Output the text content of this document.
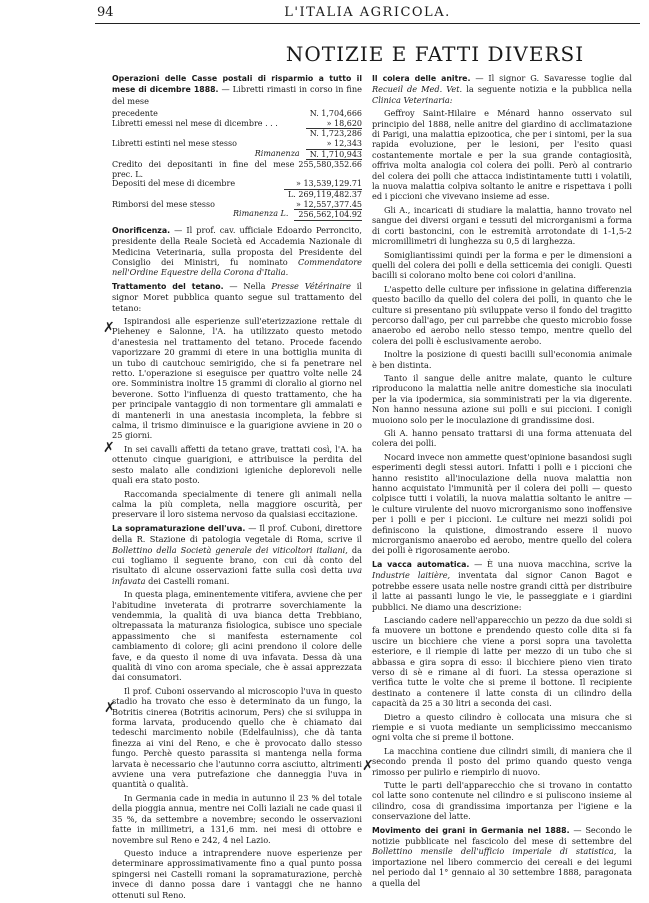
94	L'ITALIA AGRICOLA.
NOTIZIE E FATTI DIVERSI
✗
✗
✗
✗

Operazioni delle Casse postali di risparmio a tutto il mese di dicembre 1888. — Libretti rimasti in corso in fine del mese

precedente	N. 1,704,666
Libretti emessi nel mese di dicembre . . .	» 18,620
N. 1,723,286
Libretti estinti nel mese stesso	» 12,343
Rimanenza	N. 1,710,943
Credito dei depositanti in fine del mese prec. L.
255,580,352.66
Depositi del mese di dicembre	» 13,539,129.71
L. 269,119,482.37
Rimborsi del mese stesso	» 12,557,377.45
Rimanenza L.	256,562,104.92

Onorificenza. — Il prof. cav. ufficiale Edoardo Perroncito, presidente della Reale Società ed Accademia Nazionale di Medicina Veterinaria, sulla proposta del Presidente del Consiglio dei Ministri, fu nominato Commendatore nell'Ordine Equestre della Corona d'Italia.

Trattamento del tetano. — Nella Presse Vétérinaire il signor Moret pubblica quanto segue sul trattamento del tetano:

Ispirandosi alle esperienze sull'eterizzazione rettale di Pieheney e Salonne, l'A. ha utilizzato questo metodo d'anestesia nel trattamento del tetano. Procede facendo vaporizzare 20 grammi di etere in una bottiglia munita di un tubo di cautchouc semirigido, che si fa penetrare nel retto. L'operazione si eseguisce per quattro volte nelle 24 ore. Somministra inoltre 15 grammi di cloralio al giorno nel beverone. Sotto l'influenza di questo trattamento, che ha per principale vantaggio di non tormentare gli ammalati e di mantenerli in una anestasia incompleta, la febbre si calma, il trismo diminuisce e la guarigione avviene in 20 o 25 giorni.

In sei cavalli affetti da tetano grave, trattati così, l'A. ha ottenuto cinque guarigioni, e attribuisce la perdita del sesto malato alle condizioni igieniche deplorevoli nelle quali era stato posto.

Raccomanda specialmente di tenere gli animali nella calma la più completa, nella maggiore oscurità, per preservare il loro sistema nervoso da qualsiasi eccitazione.

La sopramaturazione dell'uva. — Il prof. Cuboni, direttore della R. Stazione di patologia vegetale di Roma, scrive il Bollettino della Società generale dei viticoltori italiani, da cui togliamo il seguente brano, con cui dà conto del risultato di alcune osservazioni fatte sulla così detta uva infavata dei Castelli romani.

In questa plaga, eminentemente vitifera, avviene che per l'abitudine inveterata di protrarre soverchiamente la vendemmia, la qualità di uva bianca detta Trebbiano, oltrepassata la maturanza fisiologica, subisce uno speciale appassimento che si manifesta esternamente col cambiamento di colore; gli acini prendono il colore delle fave, e da questo il nome di uva infavata. Dessa dà una qualità di vino con aroma speciale, che è assai apprezzata dai consumatori.

Il prof. Cuboni osservando al microscopio l'uva in questo stadio ha trovato che esso è determinato da un fungo, la Botritis cinerea (Botritis acinorum, Pers) che si sviluppa in forma larvata, producendo quello che è chiamato dai tedeschi marcimento nobile (Edelfaulniss), che dà tanta finezza ai vini del Reno, e che è provocato dallo stesso fungo. Perchè questo parassita si mantenga nella forma larvata è necessario che l'autunno corra asciutto, altrimenti avviene una vera putrefazione che danneggia l'uva in quantità o qualità.

In Germania cade in media in autunno il 23 % del totale della pioggia annua, mentre nei Colli laziali ne cade quasi il 35 %, da settembre a novembre; secondo le osservazioni fatte in millimetri, a 131,6 mm. nei mesi di ottobre e novembre sul Reno e 242, 4 nel Lazio.

Questo induce a intraprendere nuove esperienze per determinare approssimativamente fino a qual punto possa spingersi nei Castelli romani la sopramaturazione, perchè invece di danno possa dare i vantaggi che ne hanno ottenuti sul Reno.

Il colera delle anitre. — Il signor G. Savaresse toglie dal Recueil de Med. Vet. la seguente notizia e la pubblica nella Clinica Veterinaria:

Geffroy Saint-Hilaire e Ménard hanno osservato sul principio del 1888, nelle anitre del giardino di acclimatazione di Parigi, una malattia epizootica, che per i sintomi, per la sua rapida evoluzione, per le lesioni, per l'esito quasi costantemente mortale e per la sua grande contagiosità, offriva molta analogia col colera dei polli. Però al contrario del colera dei polli che attacca indistintamente tutti i volatili, la nuova malattia colpiva soltanto le anitre e rispettava i polli ed i piccioni che vivevano insieme ad esse.

Gli A., incaricati di studiare la malattia, hanno trovato nel sangue dei diversi organi e tessuti del microrganismi a forma di corti bastoncini, con le estremità arrotondate di 1-1,5-2 micromillimetri di lunghezza su 0,5 di larghezza.

Somigliantissimi quindi per la forma e per le dimensioni a quelli del colera dei polli e della setticemia dei conigli. Questi bacilli si colorano molto bene coi colori d'anilina.

L'aspetto delle culture per infissione in gelatina differenzia questo bacillo da quello del colera dei polli, in quanto che le culture si presentano più sviluppate verso il fondo del tragitto percorso dall'ago, per cui parrebbe che questo microbio fosse anaerobo ed aerobo nello stesso tempo, mentre quello del colera dei polli è esclusivamente aerobo.

Inoltre la posizione di questi bacilli sull'economia animale è ben distinta.

Tanto il sangue delle anitre malate, quanto le culture riproducono la malattia nelle anitre domestiche sia inoculati per la via ipodermica, sia somministrati per la via digerente. Non hanno nessuna azione sui polli e sui piccioni. I conigli muoiono solo per le inoculazione di grandissime dosi.

Gli A. hanno pensato trattarsi di una forma attenuata del colera dei polli.

Nocard invece non ammette quest'opinione basandosi sugli esperimenti degli stessi autori. Infatti i polli e i piccioni che hanno resistito all'inoculazione della nuova malattia non hanno acquistato l'immunità per il colera dei polli — questo colpisce tutti i volatili, la nuova malattia soltanto le anitre — le culture virulente del nuovo microrganismo sono inoffensive per i polli e per i piccioni. Le culture nei mezzi solidi poi definiscono la quistione, dimostrando essere il nuovo microrganismo anaerobo ed aerobo, mentre quello del colera dei polli è rigorosamente aerobo.

La vacca automatica. — È una nuova macchina, scrive la Industrie laitière, inventata dal signor Canon Bagot e potrebbe essere usata nelle nostre grandi città per distribuire il latte ai passanti lungo le vie, le passeggiate e i giardini pubblici. Ne diamo una descrizione:

Lasciando cadere nell'apparecchio un pezzo da due soldi si fa muovere un bottone e prendendo questo colle dita si fa uscire un bicchiere che viene a porsi sopra una tavoletta esteriore, e il riempie di latte per mezzo di un tubo che si abbassa e gira sopra di esso: il bicchiere pieno vien tirato verso di sè e rimane al di fuori. La stessa operazione si verifica tutte le volte che si preme il bottone. Il recipiente destinato a contenere il latte consta di un cilindro della capacità da 25 a 30 litri a seconda dei casi.

Dietro a questo cilindro è collocata una misura che si riempie e si vuota mediante un semplicissimo meccanismo ogni volta che si preme il bottone.

La macchina contiene due cilindri simili, di maniera che il secondo prenda il posto del primo quando questo venga rimosso per pulirlo e riempirlo di nuovo.

Tutte le parti dell'apparecchio che si trovano in contatto col latte sono contenute nel cilindro e si puliscono insieme al cilindro, cosa di grandissima importanza per l'igiene e la conservazione del latte.

Movimento dei grani in Germania nel 1888. — Secondo le notizie pubblicate nel fascicolo del mese di settembre del Bollettino mensile dell'ufficio imperiale di statistica, la importazione nel libero commercio dei cereali e dei legumi nel periodo dal 1° gennaio al 30 settembre 1888, paragonata a quella del
